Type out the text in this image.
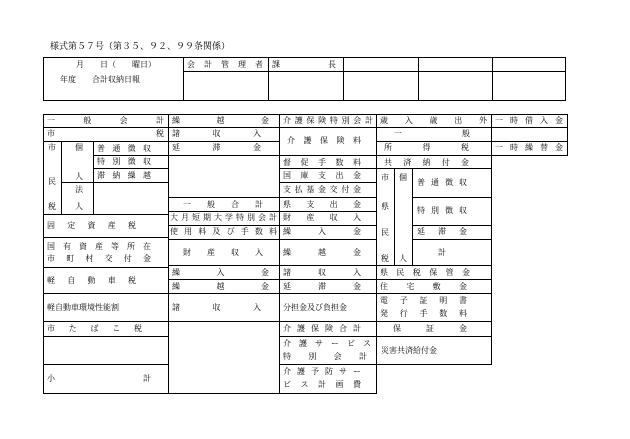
様式第５７号（第３５、９２、９９条関係）
月　　日（　　曜日）
年度　　合計収納日報
会 計 管 理 者 課	長
一　　般　　会　　計
市　　　　　　　　　税
市
民
税
個
人
法
人
普通徴収
特別徴収
滞納繰越
固　定　資　産　税
国有資産等所在
市町村交付金
軽　自　動　車　税
軽自動車環境性能割
市　た　ば　こ　税
小　　　　　　　計
繰　　越　　金
諸　　収　　入
延　　滞　　金
一　般　合　計
大月短期大学特別会計
使用料及び手数料
財　産　収　入
繰　　入　　金
繰　　越　　金
諸　　収　　入
介護保険特別会計
介　護　保　険　料
督　促　手　数　料
国　庫　支　出　金
支払基金交付金
県　支　出　金
財　産　収　入
繰　　入　　金
繰　　越　　金
諸　　収　　入
延　　滞　　金
分担金及び負担金
介護保険合計
介　護　サ　ー　ビ　ス
特　　別　　会　　計
介護予防サー
ビス計画費
歳　入　歳　出　外
一　　　　　般
所　　得　　税
共　済　納　付　金
市
県
民
税
個
人
普通徴収
特別徴収
延　滞　金
計
県民税保管金
住　宅　敷　金
電　子　証　明　書
発　行　手　数　料
保　　証　　金
災害共済給付金
一時借入金
一時繰替金
